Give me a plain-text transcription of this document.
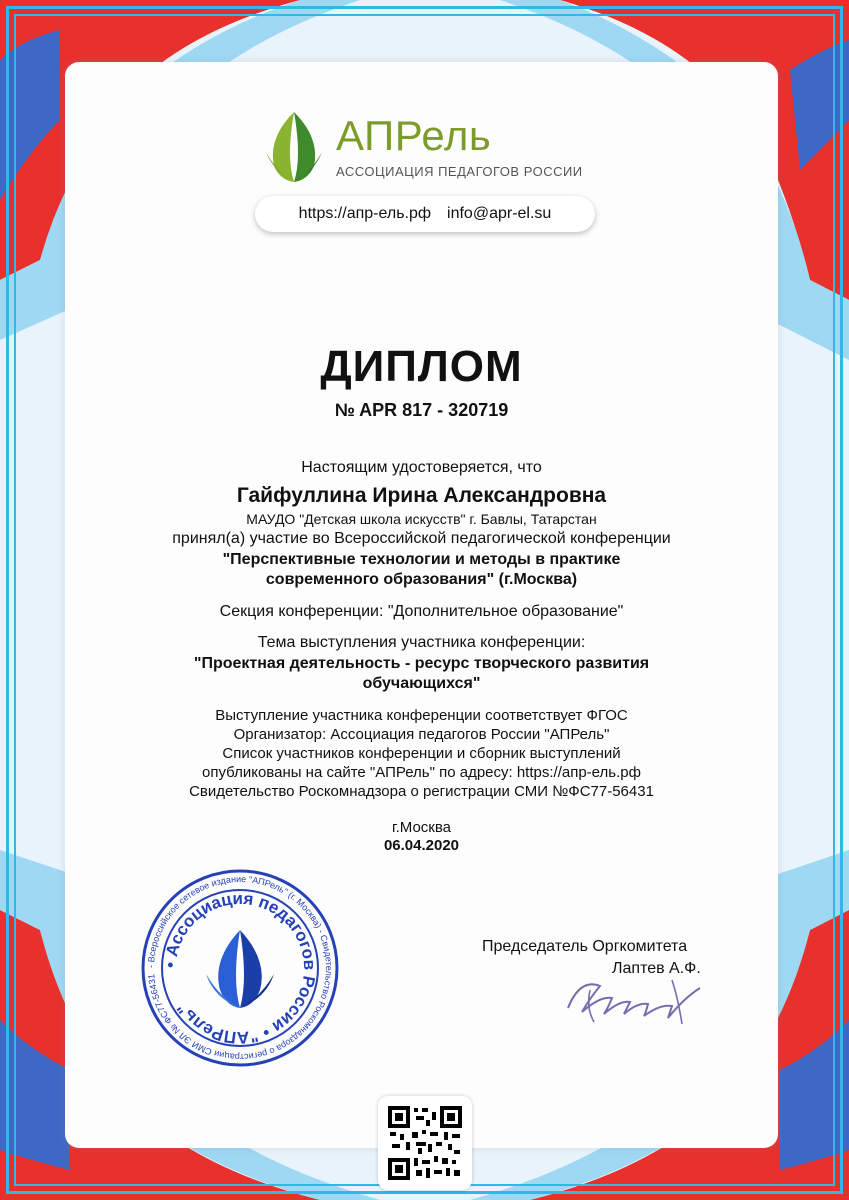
АПРель
АССОЦИАЦИЯ ПЕДАГОГОВ РОССИИ
https://апр-ель.рф info@apr-el.su
ДИПЛОМ
№ APR 817 - 320719
Настоящим удостоверяется, что
Гайфуллина Ирина Александровна
МАУДО "Детская школа искусств" г. Бавлы, Татарстан
принял(а) участие во Всероссийской педагогической конференции
"Перспективные технологии и методы в практике
современного образования" (г.Москва)
Секция конференции: "Дополнительное образование"
Тема выступления участника конференции:
"Проектная деятельность - ресурс творческого развития
обучающихся"
Выступление участника конференции соответствует ФГОС
Организатор: Ассоциация педагогов России "АПРель"
Список участников конференции и сборник выступлений
опубликованы на сайте "АПРель" по адресу: https://апр-ель.рф
Свидетельство Роскомнадзора о регистрации СМИ №ФС77-56431
г.Москва
06.04.2020
- Всероссийское сетевое издание "АПРель" (г. Москва) - Свидетельство Роскомнадзора о регистрации СМИ ЭЛ № ФС77-56431
• Ассоциация педагогов России • "АПРель"
Председатель Оргкомитета
Лаптев А.Ф.
